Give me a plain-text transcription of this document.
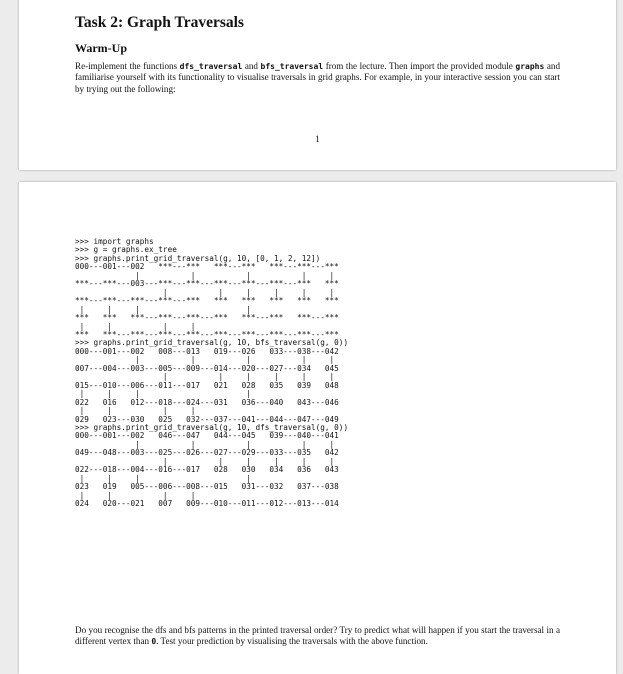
Task 2: Graph Traversals
Warm-Up

Re-implement the functions dfs_traversal and bfs_traversal from the lecture. Then import the provided module graphs and familiarise yourself with its functionality to visualise traversals in grid graphs. For example, in your interactive session you can start by trying out the following:

1
>>> import graphs
>>> g = graphs.ex_tree
>>> graphs.print_grid_traversal(g, 10, [0, 1, 2, 12])
000---001---002   ***---***   ***---***   ***---***---***
|           |           |           |     |
***---***---003---***---***---***---***---***---***   ***
|           |     |     |     |     |
***---***---***---***---***   ***   ***   ***   ***   ***
|     |     |                       |
***   ***   ***---***---***---***   ***---***   ***---***
|     |           |     |
***   ***---***---***---***---***---***---***---***---***
>>> graphs.print_grid_traversal(g, 10, bfs_traversal(g, 0))
000---001---002   008---013   019---026   033---038---042
|           |           |           |     |
007---004---003---005---009---014---020---027---034   045
|           |     |     |     |     |
015---010---006---011---017   021   028   035   039   048
|     |     |                       |
022   016   012---018---024---031   036---040   043---046
|     |           |     |
029   023---030   025   032---037---041---044---047---049
>>> graphs.print_grid_traversal(g, 10, dfs_traversal(g, 0))
000---001---002   046---047   044---045   039---040---041
|           |           |           |     |
049---048---003---025---026---027---029---033---035   042
|           |     |     |     |     |
022---018---004---016---017   028   030   034   036   043
|     |     |                       |
023   019   005---006---008---015   031---032   037---038
|     |           |     |
024   020---021   007   009---010---011---012---013---014

Do you recognise the dfs and bfs patterns in the printed traversal order? Try to predict what will happen if you start the traversal in a different vertex than 0. Test your prediction by visualising the traversals with the above function.
